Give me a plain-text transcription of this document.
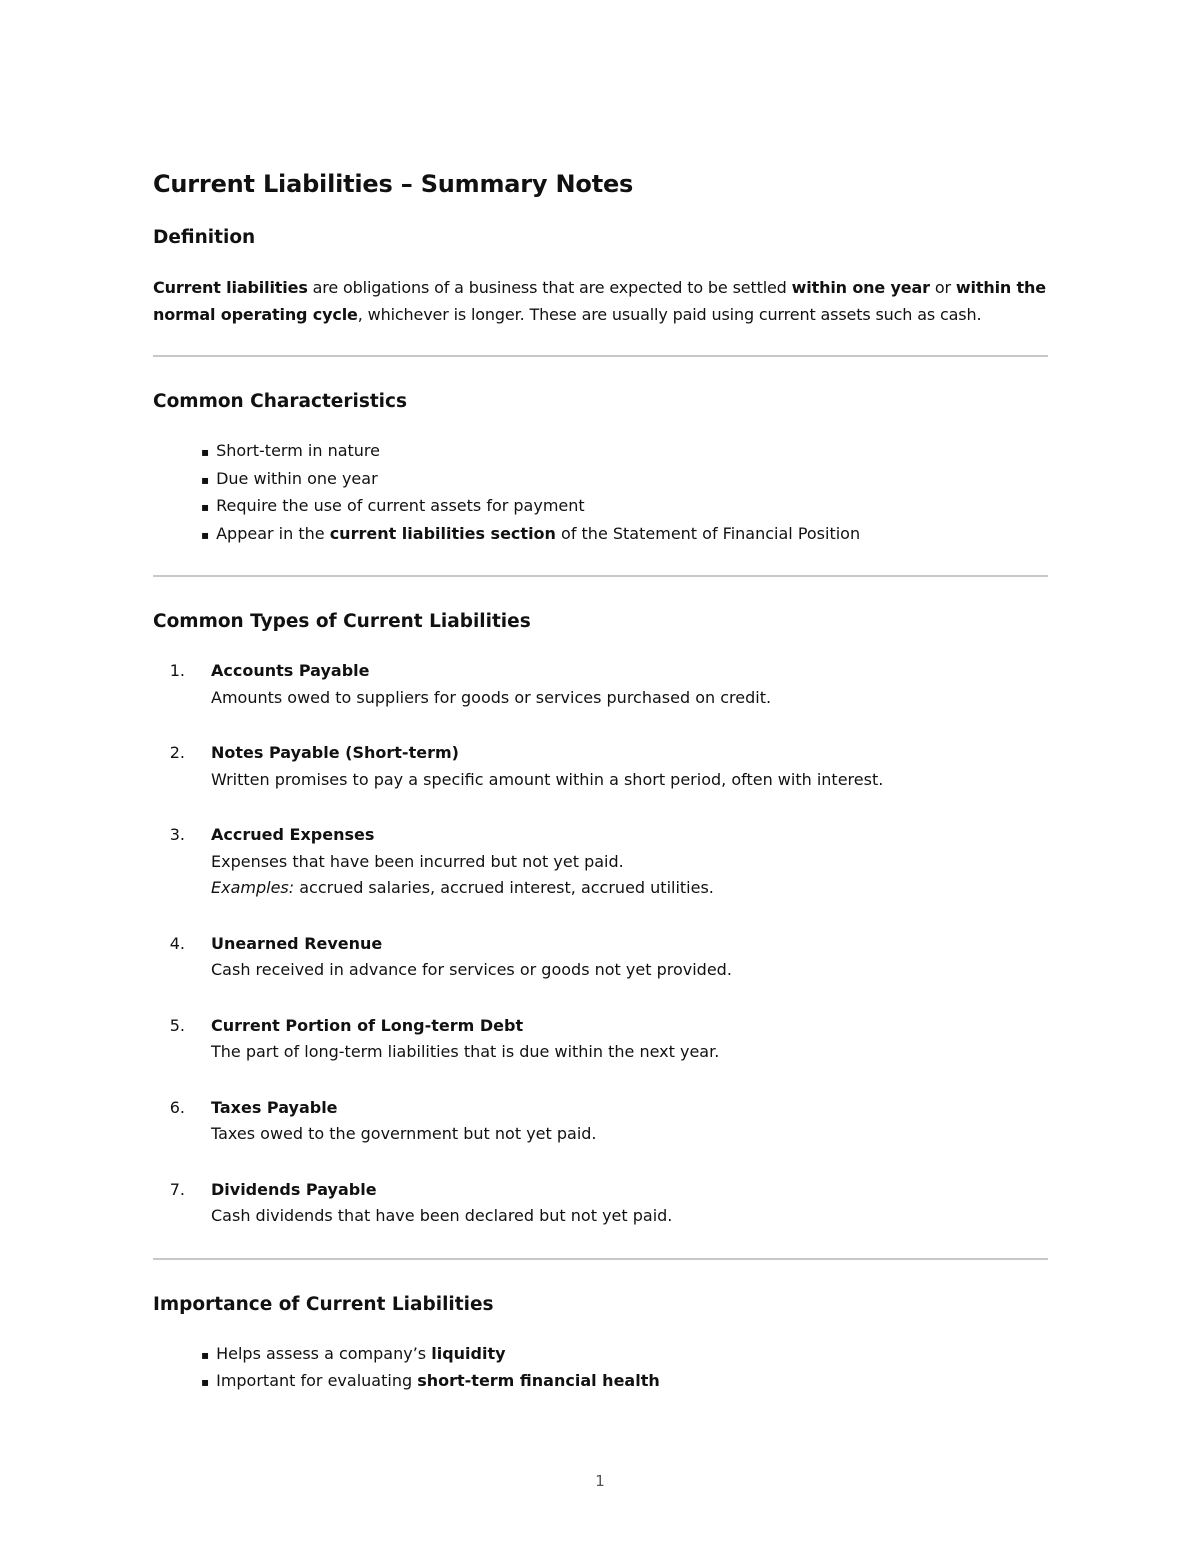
Current Liabilities – Summary Notes
Definition

Current liabilities are obligations of a business that are expected to be settled within one year or within the normal operating cycle, whichever is longer. These are usually paid using current assets such as cash.

Common Characteristics
▪ Short-term in nature
▪ Due within one year
▪ Require the use of current assets for payment
▪ Appear in the current liabilities section of the Statement of Financial Position
Common Types of Current Liabilities
1.	Accounts Payable
Amounts owed to suppliers for goods or services purchased on credit.
2.	Notes Payable (Short-term)
Written promises to pay a specific amount within a short period, often with interest.
3.	Accrued Expenses
Expenses that have been incurred but not yet paid.
Examples: accrued salaries, accrued interest, accrued utilities.
4.	Unearned Revenue
Cash received in advance for services or goods not yet provided.
5.	Current Portion of Long-term Debt
The part of long-term liabilities that is due within the next year.
6.	Taxes Payable
Taxes owed to the government but not yet paid.
7.	Dividends Payable
Cash dividends that have been declared but not yet paid.
Importance of Current Liabilities
▪ Helps assess a company’s liquidity
▪ Important for evaluating short-term financial health
1
